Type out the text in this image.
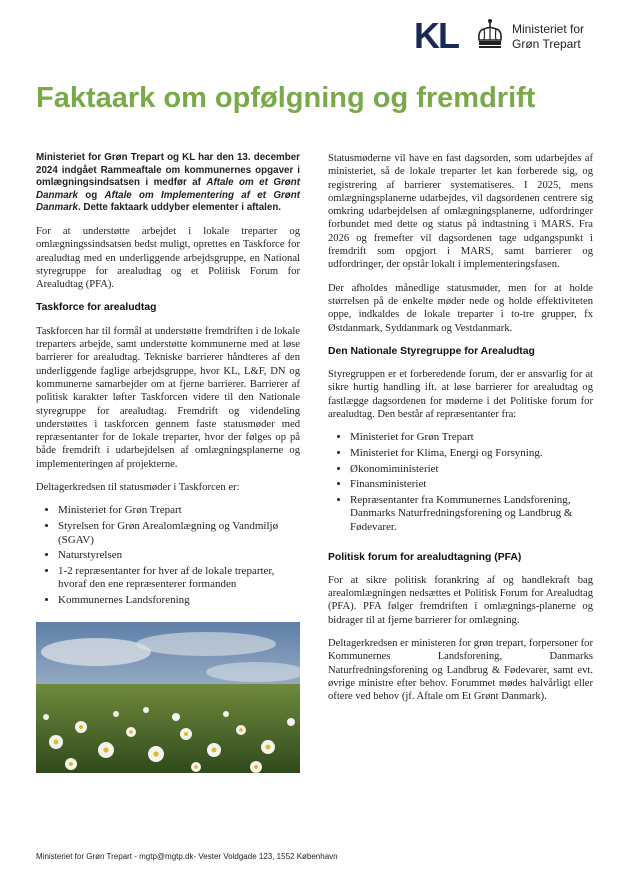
KL	Ministeriet for
Grøn Trepart
Faktaark om opfølgning og fremdrift

Ministeriet for Grøn Trepart og KL har den 13. december 2024 indgået Rammeaftale om kommunernes opgaver i omlægningsindsatsen i medfør af Aftale om et Grønt Danmark og Aftale om Implementering af et Grønt Danmark. Dette faktaark uddyber elementer i aftalen.

For at understøtte arbejdet i lokale treparter og omlægningssindsatsen bedst muligt, oprettes en Taskforce for arealudtag med en underliggende arbejdsgruppe, en National styregruppe for arealudtag og et Politisk Forum for Arealudtag (PFA).

Taskforce for arealudtag

Taskforcen har til formål at understøtte fremdriften i de lokale treparters arbejde, samt understøtte kommunerne med at løse barrierer for arealudtag. Tekniske barrierer håndteres af den underliggende faglige arbejdsgruppe, hvor KL, L&F, DN og kommunerne samarbejder om at fjerne barrierer. Barrierer af politisk karakter løfter Taskforcen videre til den Nationale styregruppe for arealudtag. Fremdrift og videndeling understøttes i taskforcen gennem faste statusmøder med repræsentanter for de lokale treparter, hvor der følges op på både fremdrift i udarbejdelsen af omlægningsplanerne og implementeringen af projekterne.

Deltagerkredsen til statusmøder i Taskforcen er:

• Ministeriet for Grøn Trepart
• Styrelsen for Grøn Arealomlægning og Vandmiljø (SGAV)
• Naturstyrelsen
• 1-2 repræsentanter for hver af de lokale treparter, hvoraf den ene repræsenterer formanden
• Kommunernes Landsforening

Statusmøderne vil have en fast dagsorden, som udarbejdes af ministeriet, så de lokale treparter let kan forberede sig, og registrering af barrierer systematiseres. I 2025, mens omlægningsplanerne udarbejdes, vil dagsordenen centrere sig omkring udarbejdelsen af omlægningsplanerne, udfordringer forbundet med dette og status på indtastning i MARS. Fra 2026 og fremefter vil dagsordenen tage udgangspunkt i fremdrift som opgjort i MARS, samt barrierer og udfordringer, der opstår lokalt i implementeringsfasen.

Der afholdes månedlige statusmøder, men for at holde størrelsen på de enkelte møder nede og holde effektiviteten oppe, indkaldes de lokale treparter i to-tre grupper, fx Østdanmark, Syddanmark og Vestdanmark.

Den Nationale Styregruppe for Arealudtag

Styregruppen er et forberedende forum, der er ansvarlig for at sikre hurtig handling ift. at løse barrierer for arealudtag og fastlægge dagsordenen for møderne i det Politiske forum for arealudtag. Den består af repræsentanter fra:

• Ministeriet for Grøn Trepart
• Ministeriet for Klima, Energi og Forsyning.
• Økonomiministeriet
• Finansministeriet
• Repræsentanter fra Kommunernes Landsforening, Danmarks Naturfredningsforening og Landbrug & Fødevarer.
Politisk forum for arealudtagning (PFA)

For at sikre politisk forankring af og handlekraft bag arealomlægningen nedsættes et Politisk Forum for Arealudtag (PFA). PFA følger fremdriften i omlægnings-planerne og bidrager til at fjerne barrierer for omlægning.

Deltagerkredsen er ministeren for grøn trepart, forpersoner for Kommunernes Landsforening, Danmarks Naturfredningsforening og Landbrug & Fødevarer, samt evt. øvrige ministre efter behov. Forummet mødes halvårligt eller oftere ved behov (jf. Aftale om Et Grønt Danmark).

Ministeriet for Grøn Trepart - mgtp@mgtp.dk- Vester Voldgade 123, 1552 København
